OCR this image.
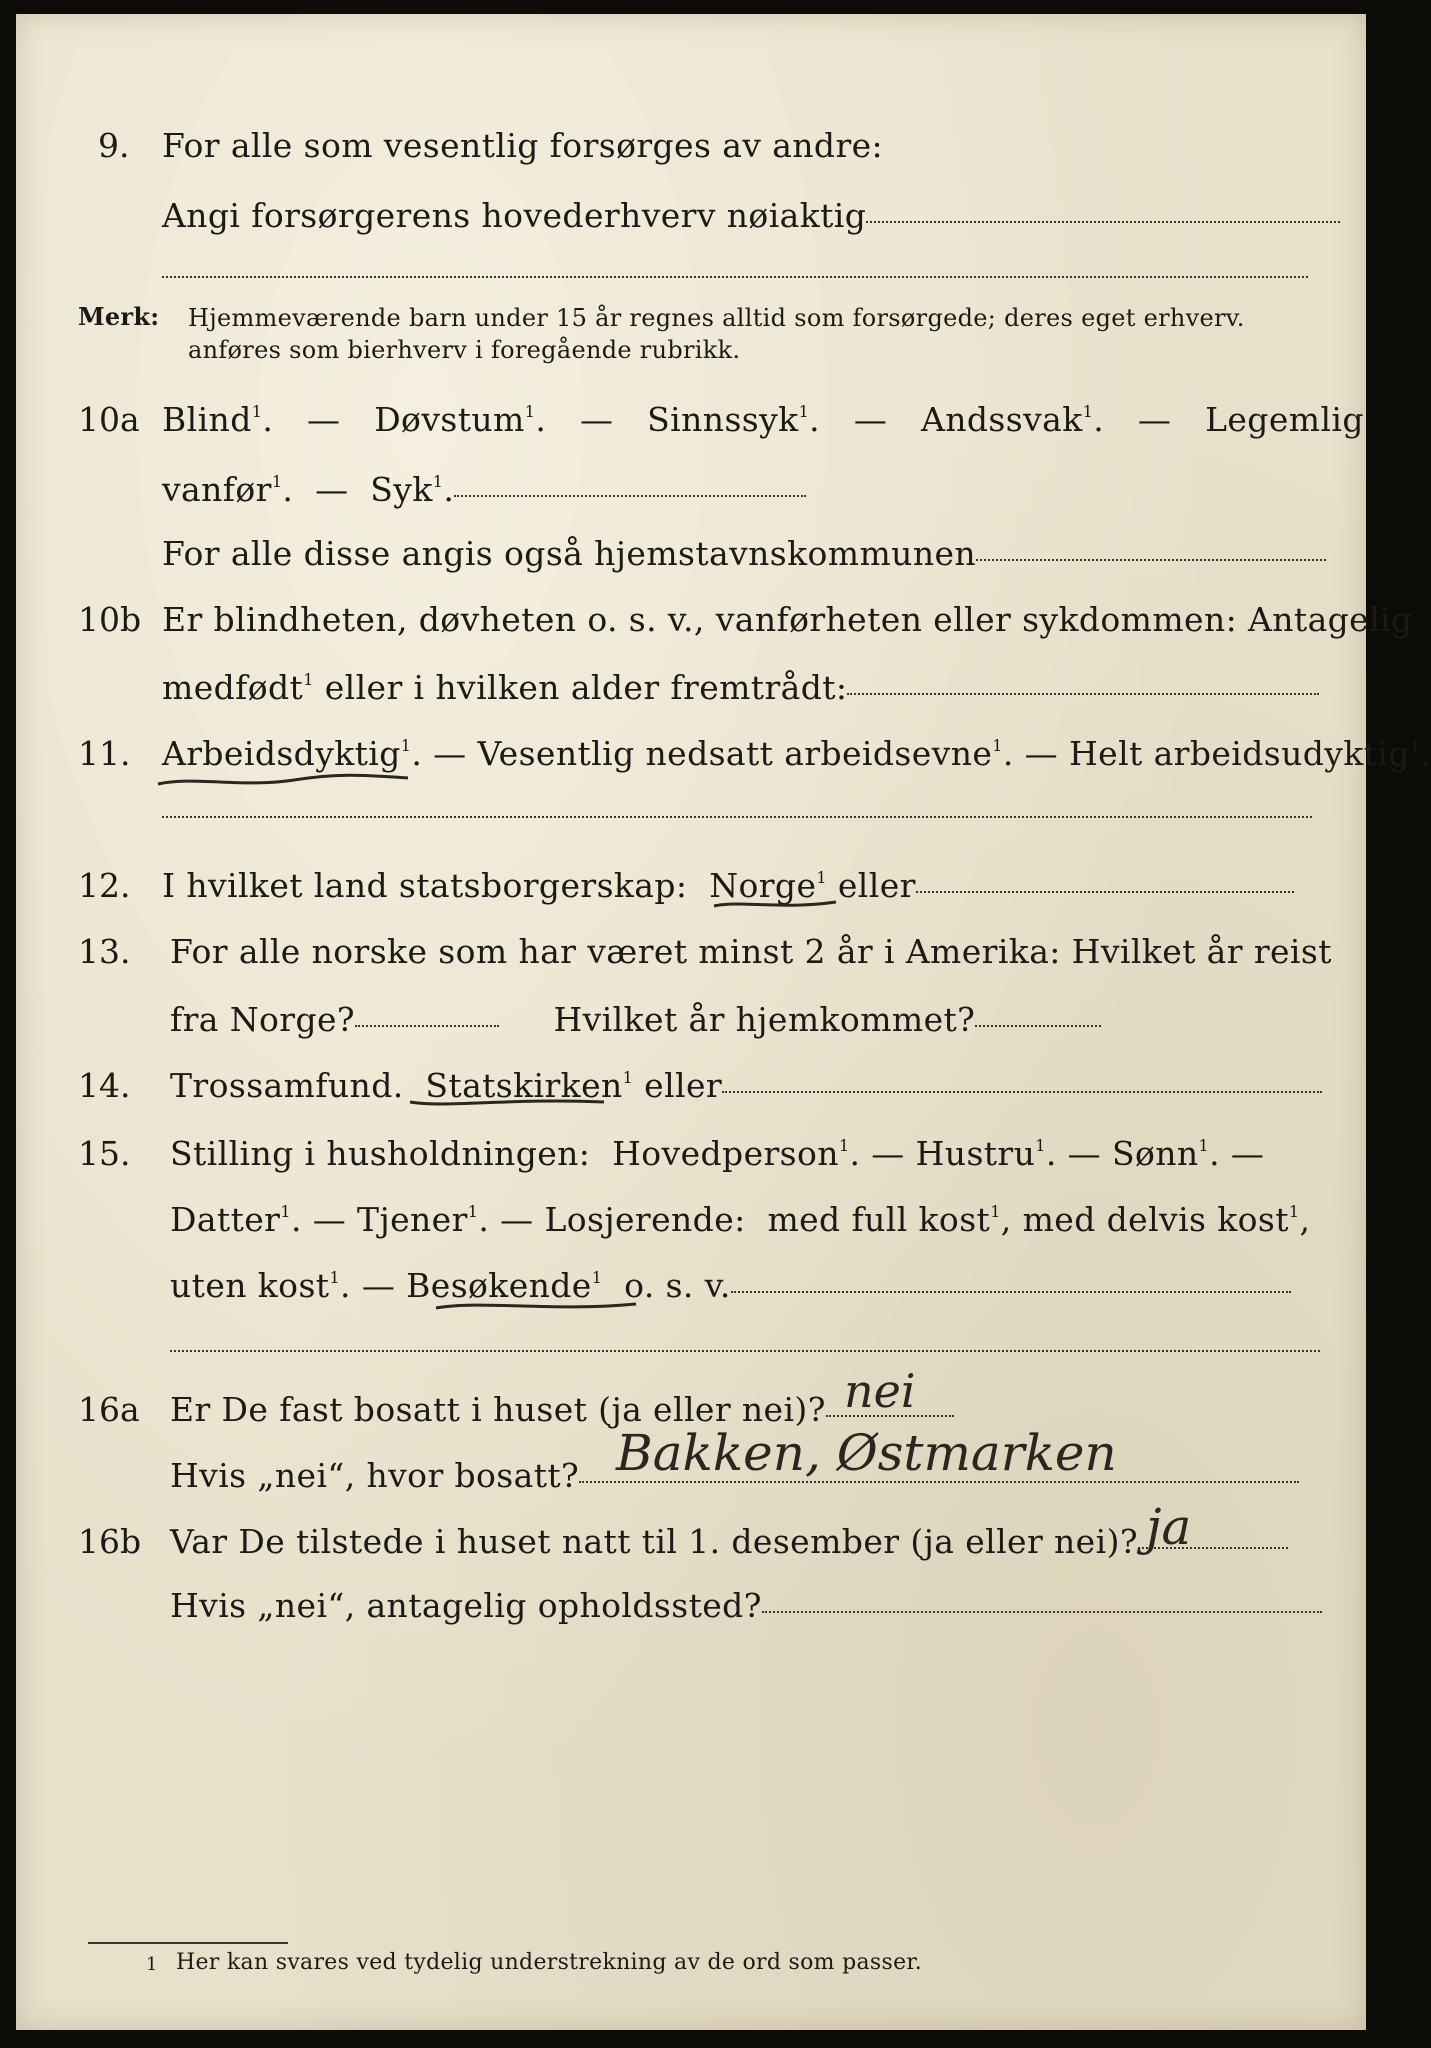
9. For alle som vesentlig forsørges av andre:
Angi forsørgerens hovederhverv nøiaktig
Merk: Hjemmeværende barn under 15 år regnes alltid som forsørgede; deres eget erhverv.
anføres som bierhverv i foregående rubrikk.
10a Blind$^1$.  —  Døvstum$^1$.  —  Sinnssyk$^1$.  —  Andssvak$^1$.  —  Legemlig
vanfør$^1$.  —  Syk$^1$.
For alle disse angis også hjemstavnskommunen
10b Er blindheten, døvheten o. s. v., vanførheten eller sykdommen: Antagelig
medfødt$^1$ eller i hvilken alder fremtrådt:
11. Arbeidsdyktig$^1$. — Vesentlig nedsatt arbeidsevne$^1$. — Helt arbeidsudyktig$^1$.
12. I hvilket land statsborgerskap: Norge$^1$ eller
13. For alle norske som har været minst 2 år i Amerika: Hvilket år reist
fra Norge?	Hvilket år hjemkommet?
14. Trossamfund. Statskirken$^1$ eller
15. Stilling i husholdningen: Hovedperson$^1$. — Hustru$^1$. — Sønn$^1$. —
Datter$^1$. — Tjener$^1$. — Losjerende: med full kost$^1$, med delvis kost$^1$,
uten kost$^1$. — Besøkende$^1$ o. s. v.
16a Er De fast bosatt i huset (ja eller nei)? nei
Hvis „nei“, hvor bosatt? Bakken, Østmarken
16b Var De tilstede i huset natt til 1. desember (ja eller nei)? ja
Hvis „nei“, antagelig opholdssted?
1 Her kan svares ved tydelig understrekning av de ord som passer.
